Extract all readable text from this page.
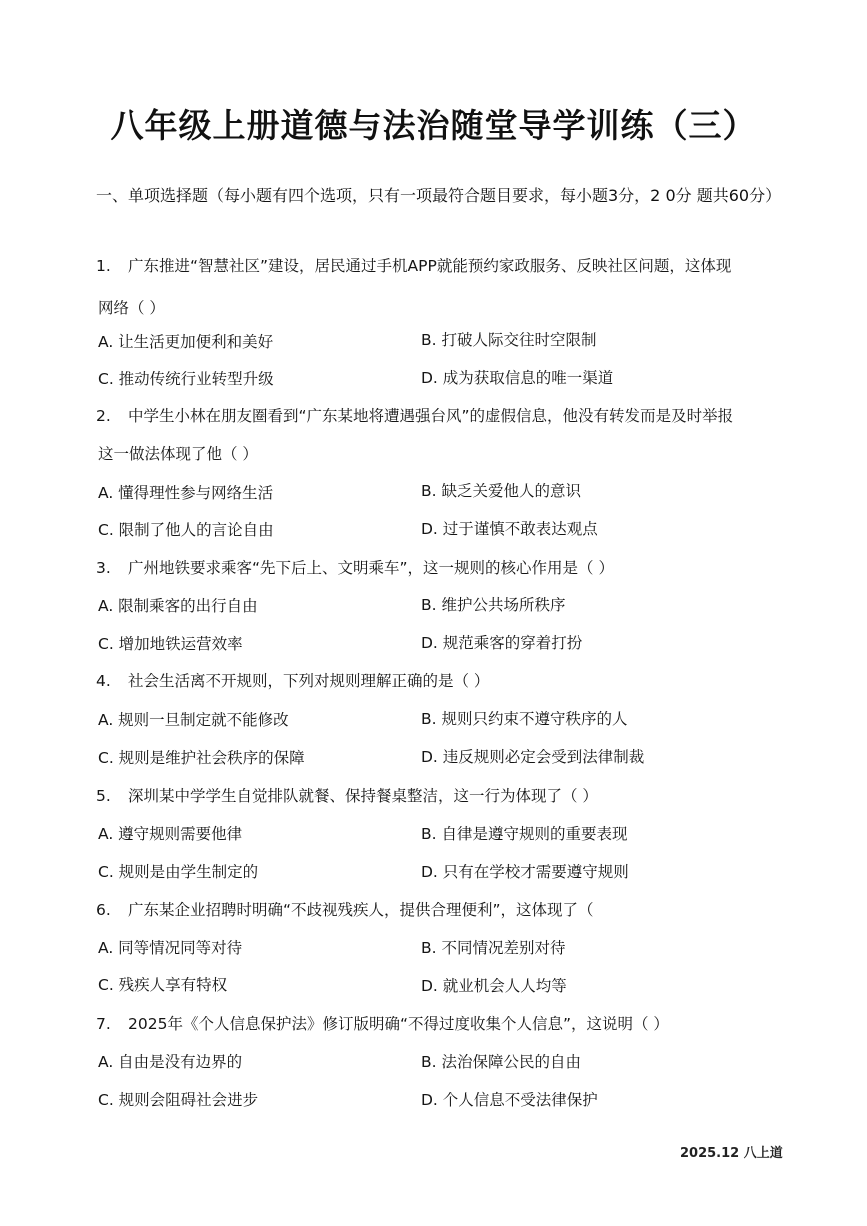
八年级上册道德与法治随堂导学训练（三）
一、单项选择题（每小题有四个选项，只有一项最符合题目要求，每小题3分，2 0分 题共60分）
1. 广东推进“智慧社区”建设，居民通过手机APP就能预约家政服务、反映社区问题，这体现
网络（ ）
A. 让生活更加便利和美好	B. 打破人际交往时空限制
C. 推动传统行业转型升级	D. 成为获取信息的唯一渠道
2. 中学生小林在朋友圈看到“广东某地将遭遇强台风”的虚假信息，他没有转发而是及时举报
这一做法体现了他（ ）
A. 懂得理性参与网络生活	B. 缺乏关爱他人的意识
C. 限制了他人的言论自由	D. 过于谨慎不敢表达观点
3. 广州地铁要求乘客“先下后上、文明乘车”，这一规则的核心作用是（ ）
A. 限制乘客的出行自由	B. 维护公共场所秩序
C. 增加地铁运营效率	D. 规范乘客的穿着打扮
4. 社会生活离不开规则，下列对规则理解正确的是（ ）
A. 规则一旦制定就不能修改	B. 规则只约束不遵守秩序的人
C. 规则是维护社会秩序的保障	D. 违反规则必定会受到法律制裁
5. 深圳某中学学生自觉排队就餐、保持餐桌整洁，这一行为体现了（ ）
A. 遵守规则需要他律	B. 自律是遵守规则的重要表现
C. 规则是由学生制定的	D. 只有在学校才需要遵守规则
6. 广东某企业招聘时明确“不歧视残疾人，提供合理便利”，这体现了（
A. 同等情况同等对待	B. 不同情况差别对待
C. 残疾人享有特权	D. 就业机会人人均等
7. 2025年《个人信息保护法》修订版明确“不得过度收集个人信息”，这说明（ ）
A. 自由是没有边界的	B. 法治保障公民的自由
C. 规则会阻碍社会进步	D. 个人信息不受法律保护
2025.12 八上道
